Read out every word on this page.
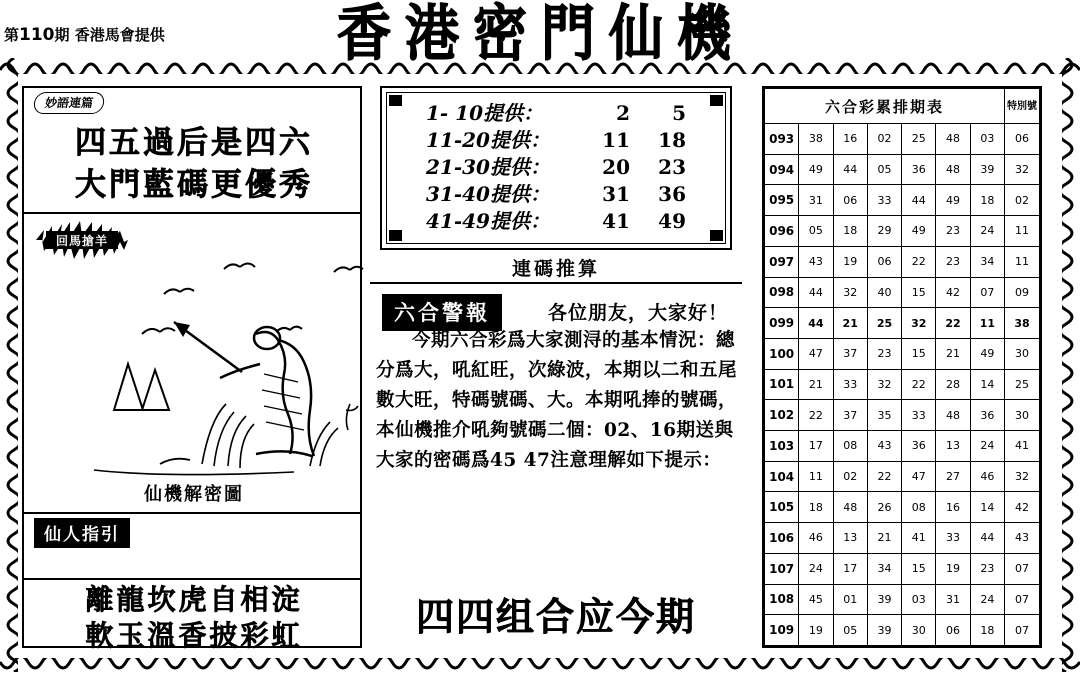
第110期 香港馬會提供	香港密門仙機
妙語連篇
四五過后是四六
大門藍碼更優秀
回馬搶羊
仙機解密圖
仙人指引
離龍坎虎自相淀
軟玉溫香披彩虹
1- 10提供：	2	5
11-20提供：	11	18
21-30提供：	20	23
31-40提供：	31	36
41-49提供：	41	49
連碼推算
六合警報	各位朋友，大家好！
今期六合彩爲大家測浔的基本情況：總分爲大，吼紅旺，次綠波，本期以二和五尾數大旺，特碼號碼、大。本期吼捧的號碼，本仙機推介吼夠號碼二個：02、16期送與大家的密碼爲45 47注意理解如下提示：
四四组合应今期
六合彩累排期表							特別號
093	38	16	02	25	48	03	06
094	49	44	05	36	48	39	32
095	31	06	33	44	49	18	02
096	05	18	29	49	23	24	11
097	43	19	06	22	23	34	11
098	44	32	40	15	42	07	09
099	44	21	25	32	22	11	38
100	47	37	23	15	21	49	30
101	21	33	32	22	28	14	25
102	22	37	35	33	48	36	30
103	17	08	43	36	13	24	41
104	11	02	22	47	27	46	32
105	18	48	26	08	16	14	42
106	46	13	21	41	33	44	43
107	24	17	34	15	19	23	07
108	45	01	39	03	31	24	07
109	19	05	39	30	06	18	07
